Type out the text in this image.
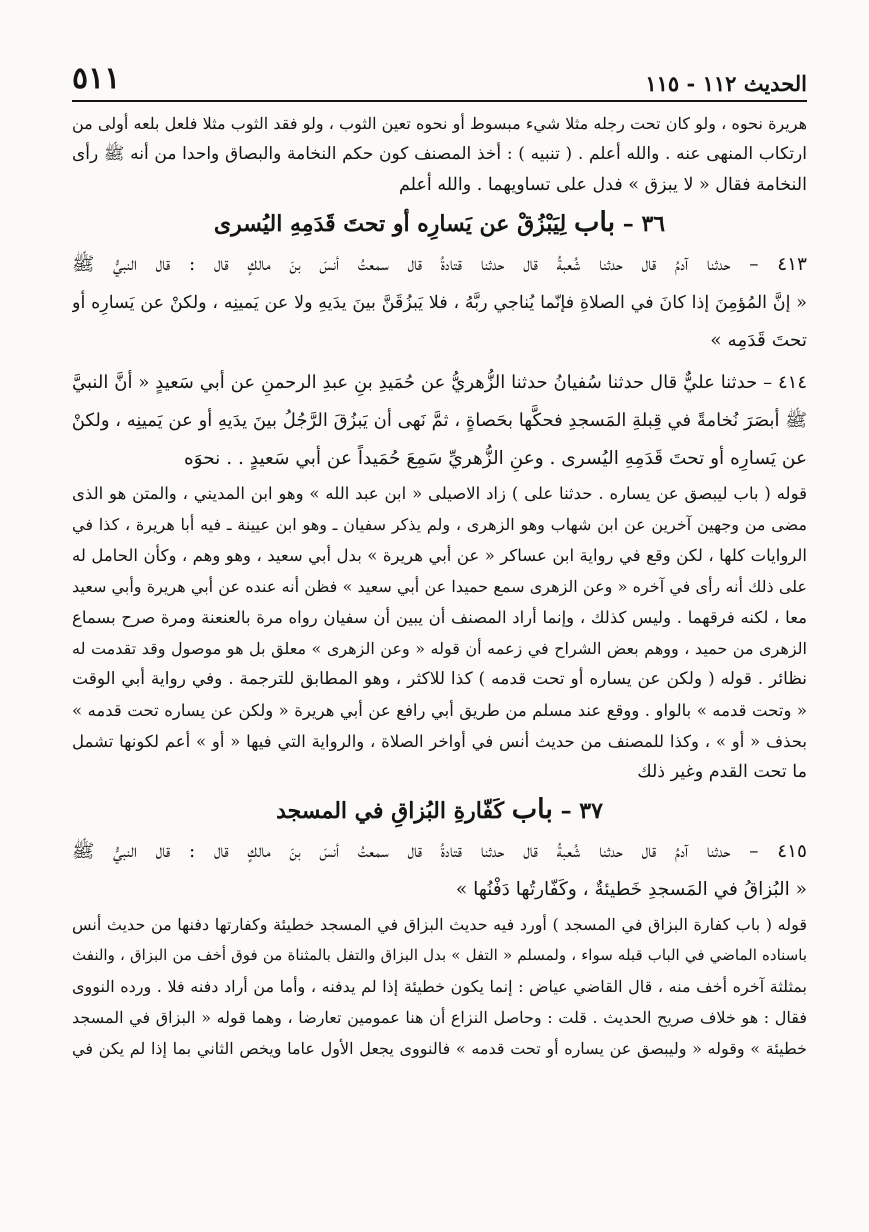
٥١١	الحديث ١١٢ - ١١٥
هريرة نحوه ، ولو كان تحت رجله مثلا شيء مبسوط أو نحوه تعين الثوب ، ولو فقد الثوب مثلا فلعل بلعه أولى من
ارتكاب المنهى عنه . والله أعلم . ( تنبيه ) : أخذ المصنف كون حكم النخامة والبصاق واحدا من أنه ﷺ رأى
النخامة فقال « لا يبزق » فدل على تساويهما . والله أعلم
٣٦ – باب لِيَبْزُقْ عن يَسارِه أو تحتَ قَدَمِهِ اليُسرى
٤١٣ – حدثنا آدمُ قال حدثنا شُعبةُ قال حدثنا قتادةُ قال سمعتُ أنسَ بنَ مالكٍ قال : قال النبيُّ ﷺ
« إنَّ المُؤمِنَ إذا كانَ في الصلاةِ فإنّما يُناجي ربَّهُ ، فلا يَبزُقَنَّ بينَ يدَيهِ ولا عن يَمينِه ، ولكنْ عن يَسارِه أو
تحتَ قَدَمِه »
٤١٤ – حدثنا عليٌّ قال حدثنا سُفيانُ حدثنا الزُّهريُّ عن حُمَيدِ بنِ عبدِ الرحمنِ عن أبي سَعيدٍ « أنَّ النبيَّ
ﷺ أبصَرَ نُخامةً في قِبلةِ المَسجدِ فحكَّها بحَصاةٍ ، ثمَّ نَهى أن يَبزُقَ الرَّجُلُ بينَ يدَيهِ أو عن يَمينِه ، ولكنْ
عن يَسارِه أو تحتَ قَدَمِهِ اليُسرى . وعنِ الزُّهريِّ سَمِعَ حُمَيداً عن أبي سَعيدٍ . . نحوَه
قوله ( باب ليبصق عن يساره . حدثنا على ) زاد الاصيلى « ابن عبد الله » وهو ابن المديني ، والمتن هو الذى
مضى من وجهين آخرين عن ابن شهاب وهو الزهرى ، ولم يذكر سفيان ـ وهو ابن عيينة ـ فيه أبا هريرة ، كذا في
الروايات كلها ، لكن وقع في رواية ابن عساكر « عن أبي هريرة » بدل أبي سعيد ، وهو وهم ، وكأن الحامل له
على ذلك أنه رأى في آخره « وعن الزهرى سمع حميدا عن أبي سعيد » فظن أنه عنده عن أبي هريرة وأبي سعيد
معا ، لكنه فرقهما . وليس كذلك ، وإنما أراد المصنف أن يبين أن سفيان رواه مرة بالعنعنة ومرة صرح بسماع
الزهرى من حميد ، ووهم بعض الشراح في زعمه أن قوله « وعن الزهرى » معلق بل هو موصول وقد تقدمت له
نظائر . قوله ( ولكن عن يساره أو تحت قدمه ) كذا للاكثر ، وهو المطابق للترجمة . وفي رواية أبي الوقت
« وتحت قدمه » بالواو . ووقع عند مسلم من طريق أبي رافع عن أبي هريرة « ولكن عن يساره تحت قدمه »
بحذف « أو » ، وكذا للمصنف من حديث أنس في أواخر الصلاة ، والرواية التي فيها « أو » أعم لكونها تشمل
ما تحت القدم وغير ذلك
٣٧ – باب كَفّارةِ البُزاقِ في المسجد
٤١٥ – حدثنا آدمُ قال حدثنا شُعبةُ قال حدثنا قتادةُ قال سمعتُ أنسَ بنَ مالكٍ قال : قال النبيُّ ﷺ
« البُزاقُ في المَسجدِ خَطيئةٌ ، وكَفّارتُها دَفْنُها »
قوله ( باب كفارة البزاق في المسجد ) أورد فيه حديث البزاق في المسجد خطيئة وكفارتها دفنها من حديث أنس
باسناده الماضي في الباب قبله سواء ، ولمسلم « التفل » بدل البزاق والتفل بالمثناة من فوق أخف من البزاق ، والنفث
بمثلثة آخره أخف منه ، قال القاضي عياض : إنما يكون خطيئة إذا لم يدفنه ، وأما من أراد دفنه فلا . ورده النووى
فقال : هو خلاف صريح الحديث . قلت : وحاصل النزاع أن هنا عمومين تعارضا ، وهما قوله « البزاق في المسجد
خطيئة » وقوله « وليبصق عن يساره أو تحت قدمه » فالنووى يجعل الأول عاما ويخص الثاني بما إذا لم يكن في
